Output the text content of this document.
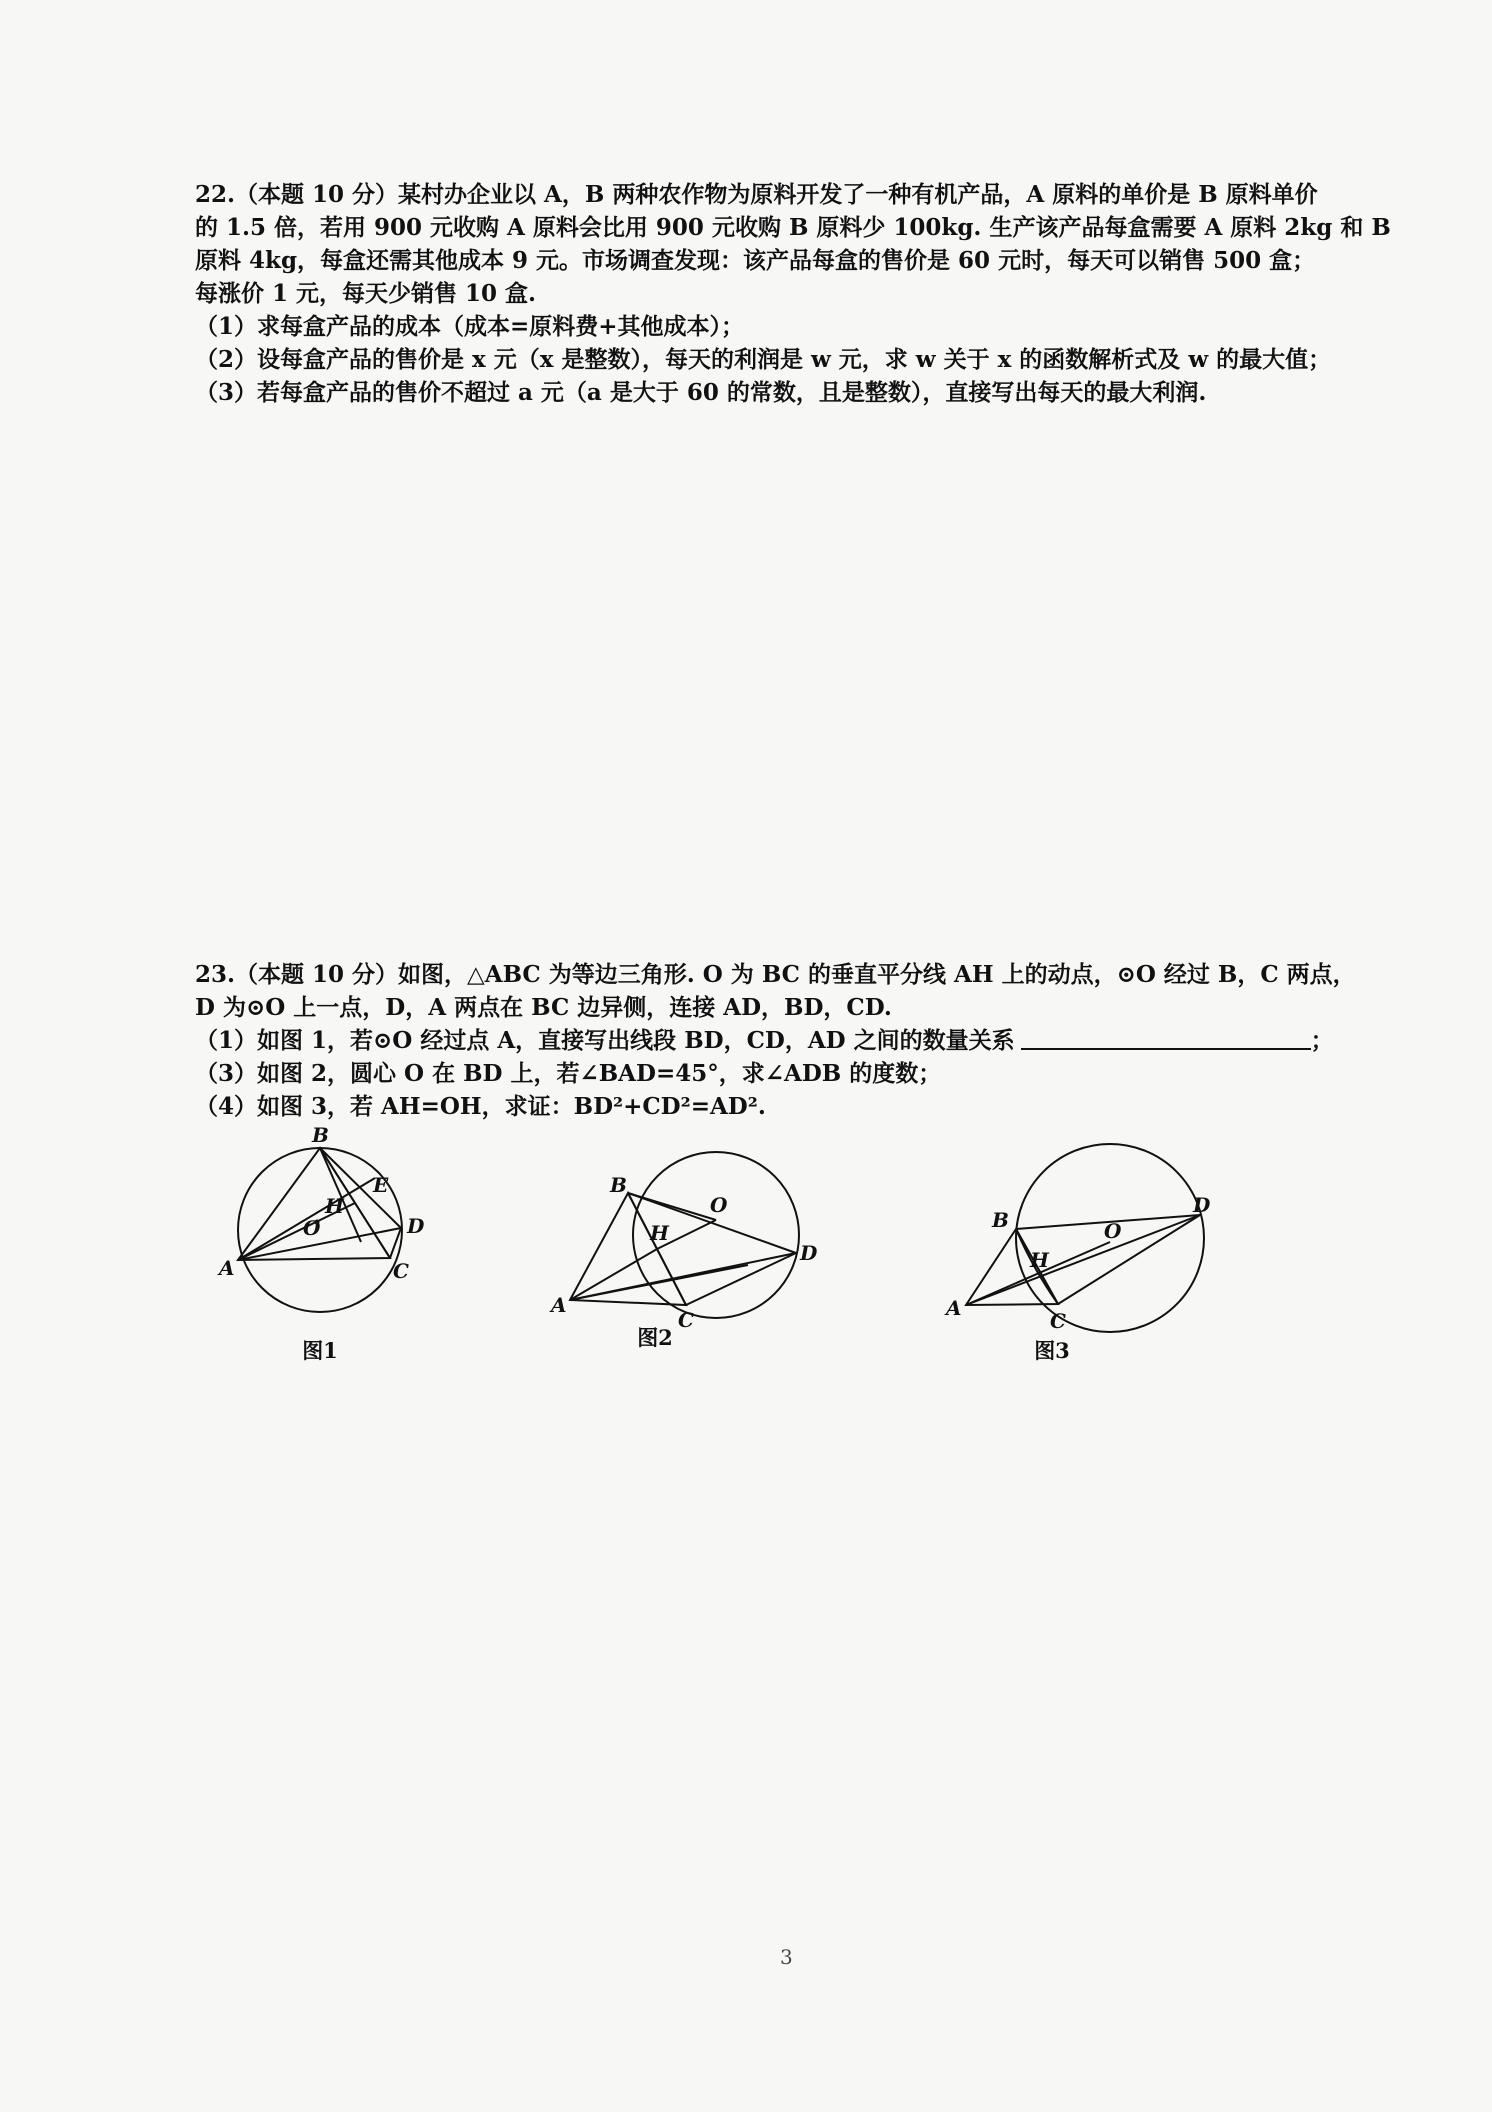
22.（本题 10 分）某村办企业以 A，B 两种农作物为原料开发了一种有机产品，A 原料的单价是 B 原料单价

的 1.5 倍，若用 900 元收购 A 原料会比用 900 元收购 B 原料少 100kg. 生产该产品每盒需要 A 原料 2kg 和 B

原料 4kg，每盒还需其他成本 9 元。市场调查发现：该产品每盒的售价是 60 元时，每天可以销售 500 盒；

每涨价 1 元，每天少销售 10 盒.

（1）求每盒产品的成本（成本=原料费+其他成本）；

（2）设每盒产品的售价是 x 元（x 是整数），每天的利润是 w 元，求 w 关于 x 的函数解析式及 w 的最大值；

（3）若每盒产品的售价不超过 a 元（a 是大于 60 的常数，且是整数），直接写出每天的最大利润.

23.（本题 10 分）如图，△ABC 为等边三角形. O 为 BC 的垂直平分线 AH 上的动点，⊙O 经过 B，C 两点，

D 为⊙O 上一点，D，A 两点在 BC 边异侧，连接 AD，BD，CD.

（1）如图 1，若⊙O 经过点 A，直接写出线段 BD，CD，AD 之间的数量关系	；

（3）如图 2，圆心 O 在 BD 上，若∠BAD=45°，求∠ADB 的度数；

（4）如图 3，若 AH=OH，求证：BD²+CD²=AD².

B
A	C
D
E
H
O
图1
B
A
C
D
H
O
图2
B
A
C
D
H
O
图3
3
